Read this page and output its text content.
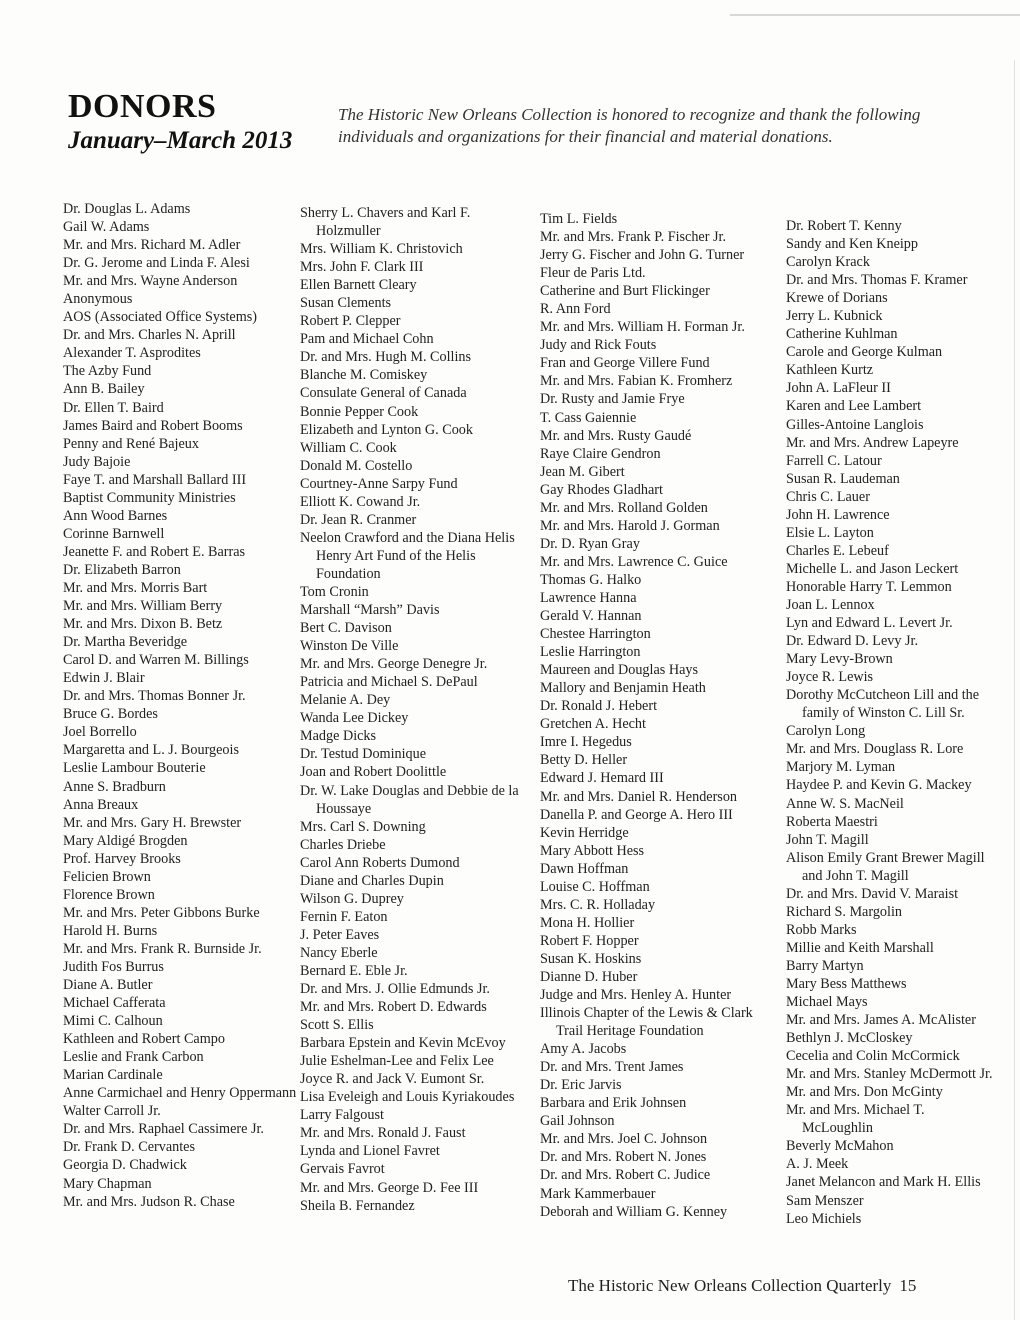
DONORS
January–March 2013
The Historic New Orleans Collection is honored to recognize and thank the following individuals and organizations for their financial and material donations.

Dr. Douglas L. Adams

Gail W. Adams

Mr. and Mrs. Richard M. Adler

Dr. G. Jerome and Linda F. Alesi

Mr. and Mrs. Wayne Anderson

Anonymous

AOS (Associated Office Systems)

Dr. and Mrs. Charles N. Aprill

Alexander T. Asprodites

The Azby Fund

Ann B. Bailey

Dr. Ellen T. Baird

James Baird and Robert Booms

Penny and René Bajeux

Judy Bajoie

Faye T. and Marshall Ballard III

Baptist Community Ministries

Ann Wood Barnes

Corinne Barnwell

Jeanette F. and Robert E. Barras

Dr. Elizabeth Barron

Mr. and Mrs. Morris Bart

Mr. and Mrs. William Berry

Mr. and Mrs. Dixon B. Betz

Dr. Martha Beveridge

Carol D. and Warren M. Billings

Edwin J. Blair

Dr. and Mrs. Thomas Bonner Jr.

Bruce G. Bordes

Joel Borrello

Margaretta and L. J. Bourgeois

Leslie Lambour Bouterie

Anne S. Bradburn

Anna Breaux

Mr. and Mrs. Gary H. Brewster

Mary Aldigé Brogden

Prof. Harvey Brooks

Felicien Brown

Florence Brown

Mr. and Mrs. Peter Gibbons Burke

Harold H. Burns

Mr. and Mrs. Frank R. Burnside Jr.

Judith Fos Burrus

Diane A. Butler

Michael Cafferata

Mimi C. Calhoun

Kathleen and Robert Campo

Leslie and Frank Carbon

Marian Cardinale

Anne Carmichael and Henry Oppermann

Walter Carroll Jr.

Dr. and Mrs. Raphael Cassimere Jr.

Dr. Frank D. Cervantes

Georgia D. Chadwick

Mary Chapman

Mr. and Mrs. Judson R. Chase

Sherry L. Chavers and Karl F. Holzmuller

Mrs. William K. Christovich

Mrs. John F. Clark III

Ellen Barnett Cleary

Susan Clements

Robert P. Clepper

Pam and Michael Cohn

Dr. and Mrs. Hugh M. Collins

Blanche M. Comiskey

Consulate General of Canada

Bonnie Pepper Cook

Elizabeth and Lynton G. Cook

William C. Cook

Donald M. Costello

Courtney-Anne Sarpy Fund

Elliott K. Cowand Jr.

Dr. Jean R. Cranmer

Neelon Crawford and the Diana Helis Henry Art Fund of the Helis Foundation

Tom Cronin

Marshall “Marsh” Davis

Bert C. Davison

Winston De Ville

Mr. and Mrs. George Denegre Jr.

Patricia and Michael S. DePaul

Melanie A. Dey

Wanda Lee Dickey

Madge Dicks

Dr. Testud Dominique

Joan and Robert Doolittle

Dr. W. Lake Douglas and Debbie de la Houssaye

Mrs. Carl S. Downing

Charles Driebe

Carol Ann Roberts Dumond

Diane and Charles Dupin

Wilson G. Duprey

Fernin F. Eaton

J. Peter Eaves

Nancy Eberle

Bernard E. Eble Jr.

Dr. and Mrs. J. Ollie Edmunds Jr.

Mr. and Mrs. Robert D. Edwards

Scott S. Ellis

Barbara Epstein and Kevin McEvoy

Julie Eshelman-Lee and Felix Lee

Joyce R. and Jack V. Eumont Sr.

Lisa Eveleigh and Louis Kyriakoudes

Larry Falgoust

Mr. and Mrs. Ronald J. Faust

Lynda and Lionel Favret

Gervais Favrot

Mr. and Mrs. George D. Fee III

Sheila B. Fernandez

Tim L. Fields

Mr. and Mrs. Frank P. Fischer Jr.

Jerry G. Fischer and John G. Turner

Fleur de Paris Ltd.

Catherine and Burt Flickinger

R. Ann Ford

Mr. and Mrs. William H. Forman Jr.

Judy and Rick Fouts

Fran and George Villere Fund

Mr. and Mrs. Fabian K. Fromherz

Dr. Rusty and Jamie Frye

T. Cass Gaiennie

Mr. and Mrs. Rusty Gaudé

Raye Claire Gendron

Jean M. Gibert

Gay Rhodes Gladhart

Mr. and Mrs. Rolland Golden

Mr. and Mrs. Harold J. Gorman

Dr. D. Ryan Gray

Mr. and Mrs. Lawrence C. Guice

Thomas G. Halko

Lawrence Hanna

Gerald V. Hannan

Chestee Harrington

Leslie Harrington

Maureen and Douglas Hays

Mallory and Benjamin Heath

Dr. Ronald J. Hebert

Gretchen A. Hecht

Imre I. Hegedus

Betty D. Heller

Edward J. Hemard III

Mr. and Mrs. Daniel R. Henderson

Danella P. and George A. Hero III

Kevin Herridge

Mary Abbott Hess

Dawn Hoffman

Louise C. Hoffman

Mrs. C. R. Holladay

Mona H. Hollier

Robert F. Hopper

Susan K. Hoskins

Dianne D. Huber

Judge and Mrs. Henley A. Hunter

Illinois Chapter of the Lewis & Clark Trail Heritage Foundation

Amy A. Jacobs

Dr. and Mrs. Trent James

Dr. Eric Jarvis

Barbara and Erik Johnsen

Gail Johnson

Mr. and Mrs. Joel C. Johnson

Dr. and Mrs. Robert N. Jones

Dr. and Mrs. Robert C. Judice

Mark Kammerbauer

Deborah and William G. Kenney

Dr. Robert T. Kenny

Sandy and Ken Kneipp

Carolyn Krack

Dr. and Mrs. Thomas F. Kramer

Krewe of Dorians

Jerry L. Kubnick

Catherine Kuhlman

Carole and George Kulman

Kathleen Kurtz

John A. LaFleur II

Karen and Lee Lambert

Gilles-Antoine Langlois

Mr. and Mrs. Andrew Lapeyre

Farrell C. Latour

Susan R. Laudeman

Chris C. Lauer

John H. Lawrence

Elsie L. Layton

Charles E. Lebeuf

Michelle L. and Jason Leckert

Honorable Harry T. Lemmon

Joan L. Lennox

Lyn and Edward L. Levert Jr.

Dr. Edward D. Levy Jr.

Mary Levy-Brown

Joyce R. Lewis

Dorothy McCutcheon Lill and the family of Winston C. Lill Sr.

Carolyn Long

Mr. and Mrs. Douglass R. Lore

Marjory M. Lyman

Haydee P. and Kevin G. Mackey

Anne W. S. MacNeil

Roberta Maestri

John T. Magill

Alison Emily Grant Brewer Magill and John T. Magill

Dr. and Mrs. David V. Maraist

Richard S. Margolin

Robb Marks

Millie and Keith Marshall

Barry Martyn

Mary Bess Matthews

Michael Mays

Mr. and Mrs. James A. McAlister

Bethlyn J. McCloskey

Cecelia and Colin McCormick

Mr. and Mrs. Stanley McDermott Jr.

Mr. and Mrs. Don McGinty

Mr. and Mrs. Michael T. McLoughlin

Beverly McMahon

A. J. Meek

Janet Melancon and Mark H. Ellis

Sam Menszer

Leo Michiels

The Historic New Orleans Collection Quarterly 15
